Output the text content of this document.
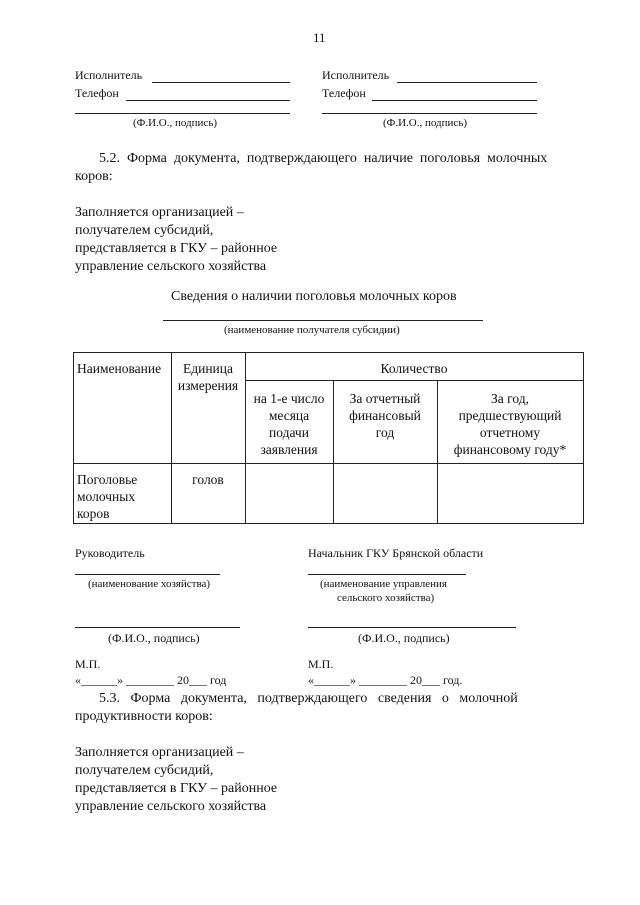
11
Исполнитель
Телефон
(Ф.И.О., подпись)
Исполнитель
Телефон
(Ф.И.О., подпись)
5.2.  Форма  документа,  подтверждающего  наличие  поголовья  молочных
коров:
Заполняется организацией –
получателем субсидий,
представляется в ГКУ – районное
управление сельского хозяйства
Сведения о наличии поголовья молочных коров
(наименование получателя субсидии)
Наименование	Единица
измерения
Количество
на 1-е число
месяца
подачи
заявления
За отчетный
финансовый
год
За год,
предшествующий
отчетному
финансовому году*
Поголовье
молочных
коров
голов
Руководитель
(наименование хозяйства)
(Ф.И.О., подпись)
М.П.
«______» ________ 20___ год
Начальник ГКУ Брянской области
(наименование управления
сельского хозяйства)
(Ф.И.О., подпись)
М.П.
«______» ________ 20___ год.
5.3.   Форма   документа,   подтверждающего   сведения   о   молочной
продуктивности коров:
Заполняется организацией –
получателем субсидий,
представляется в ГКУ – районное
управление сельского хозяйства
